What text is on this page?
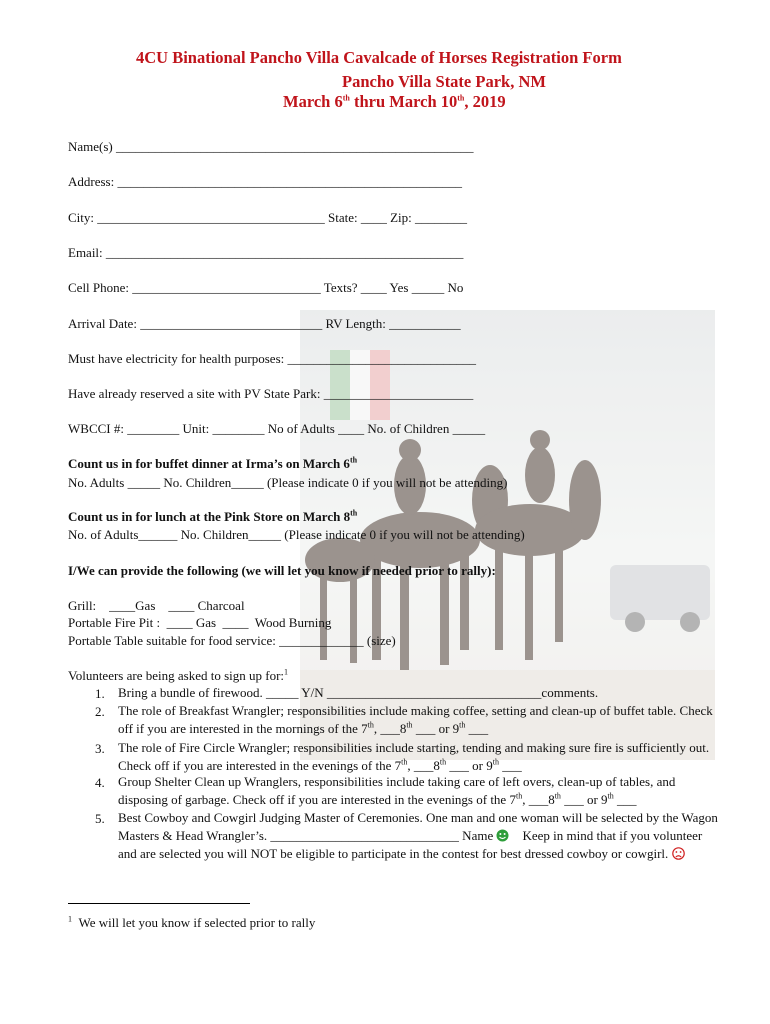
4CU Binational Pancho Villa Cavalcade of Horses Registration Form
Pancho Villa State Park, NM
March 6th thru March 10th, 2019
Name(s) _______________________________________________________
Address: _____________________________________________________
City: ___________________________________ State: ____ Zip: ________
Email: _______________________________________________________
Cell Phone: _____________________________ Texts? ____ Yes _____ No
Arrival Date: ____________________________ RV Length: ___________
Must have electricity for health purposes: _____________________________
Have already reserved a site with PV State Park: _______________________
WBCCI #: ________ Unit: ________ No of Adults ____ No. of Children _____
Count us in for buffet dinner at Irma’s on March 6th
No. Adults _____ No. Children_____ (Please indicate 0 if you will not be attending)
Count us in for lunch at the Pink Store on March 8th
No. of Adults______ No. Children_____ (Please indicate 0 if you will not be attending)
I/We can provide the following (we will let you know if needed prior to rally):
Grill:    ____Gas    ____ Charcoal
Portable Fire Pit :  ____ Gas  ____  Wood Burning
Portable Table suitable for food service: _____________ (size)
Volunteers are being asked to sign up for:$^1$
1. Bring a bundle of firewood. _____ Y/N _________________________________comments.
2. The role of Breakfast Wrangler; responsibilities include making coffee, setting and clean-up of buffet table. Check off if you are interested in the mornings of the 7th, ___8th ___ or 9th ___
3. The role of Fire Circle Wrangler; responsibilities include starting, tending and making sure fire is sufficiently out. Check off if you are interested in the evenings of the 7th, ___8th ___ or 9th ___
4. Group Shelter Clean up Wranglers, responsibilities include taking care of left overs, clean-up of tables, and disposing of garbage. Check off if you are interested in the evenings of the 7th, ___8th ___ or 9th ___
5. Best Cowboy and Cowgirl Judging Master of Ceremonies. One man and one woman will be selected by the Wagon Masters & Head Wrangler’s. _____________________________ Name Keep in mind that if you volunteer and are selected you will NOT be eligible to participate in the contest for best dressed cowboy or cowgirl.
$^1$ We will let you know if selected prior to rally
